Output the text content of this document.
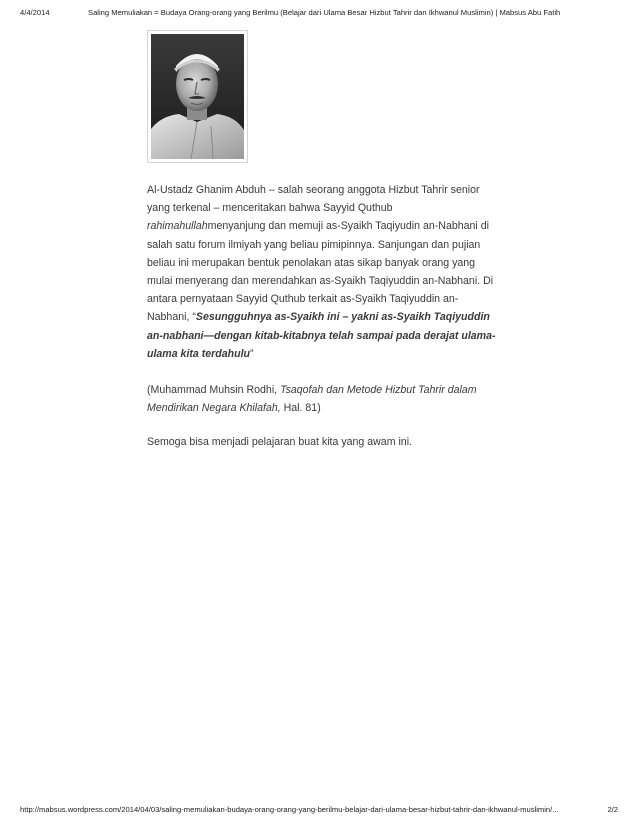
4/4/2014	Saling Memuliakan = Budaya Orang-orang yang Berilmu (Belajar dari Ulama Besar Hizbut Tahrir dan Ikhwanul Muslimin) | Mabsus Abu Fatih

Al-Ustadz Ghanim Abduh – salah seorang anggota Hizbut Tahrir senior yang terkenal – menceritakan bahwa Sayyid Quthub rahimahullahmenyanjung dan memuji as-Syaikh Taqiyudin an-Nabhani di salah satu forum ilmiyah yang beliau pimipinnya. Sanjungan dan pujian beliau ini merupakan bentuk penolakan atas sikap banyak orang yang mulai menyerang dan merendahkan as-Syaikh Taqiyuddin an-Nabhani. Di antara pernyataan Sayyid Quthub terkait as-Syaikh Taqiyuddin an-Nabhani, “Sesungguhnya as-Syaikh ini – yakni as-Syaikh Taqiyuddin an-nabhani—dengan kitab-kitabnya telah sampai pada derajat ulama-ulama kita terdahulu”

(Muhammad Muhsin Rodhi, Tsaqofah dan Metode Hizbut Tahrir dalam Mendirikan Negara Khilafah, Hal. 81)

Semoga bisa menjadi pelajaran buat kita yang awam ini.

http://mabsus.wordpress.com/2014/04/03/saling-memuliakan-budaya-orang-orang-yang-berilmu-belajar-dari-ulama-besar-hizbut-tahrir-dan-ikhwanul-muslimin/...	2/2
